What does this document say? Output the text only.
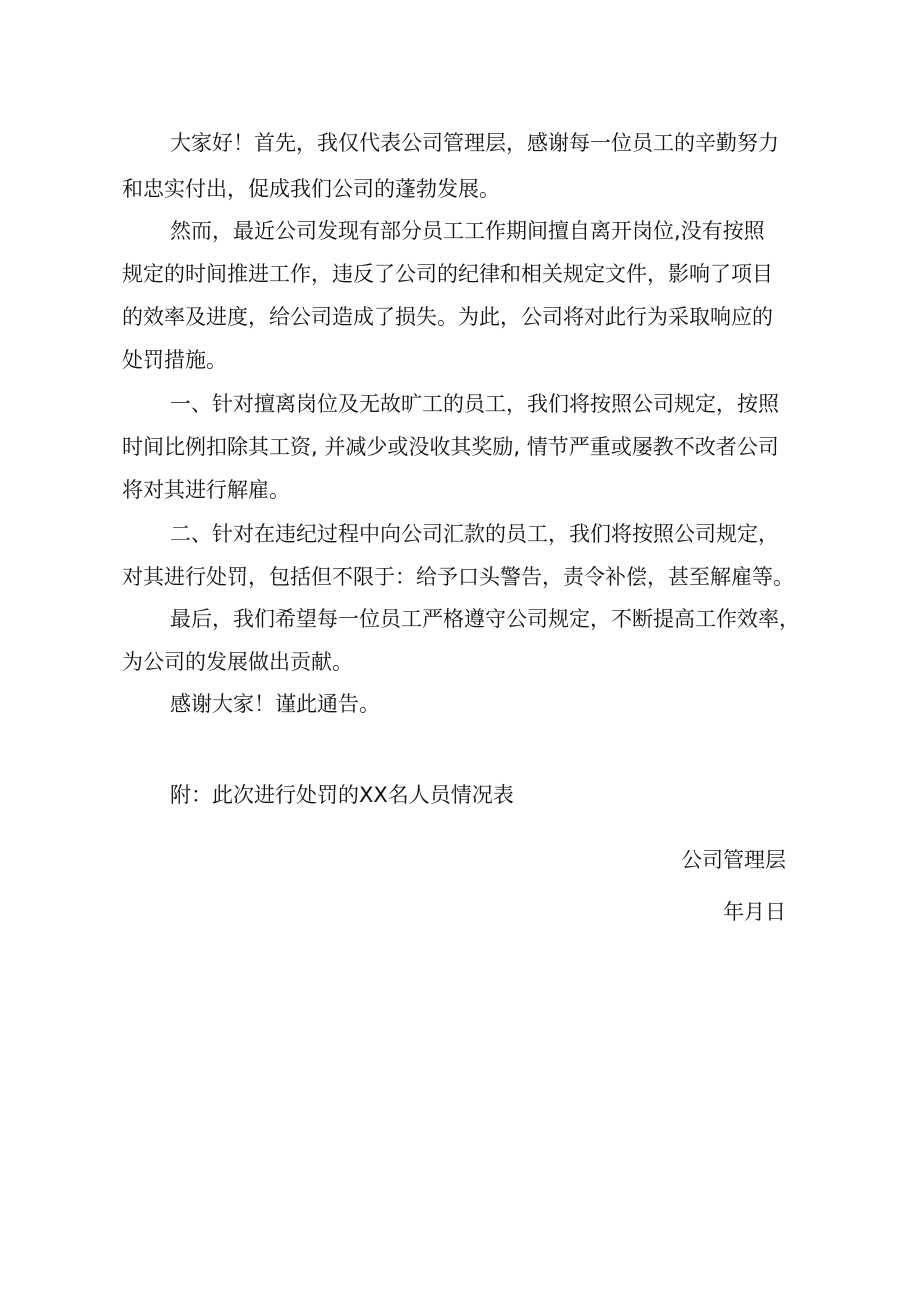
大家好！首先，我仅代表公司管理层，感谢每一位员工的辛勤努力
和忠实付出，促成我们公司的蓬勃发展。
然而，最近公司发现有部分员工工作期间擅自离开岗位,没有按照
规定的时间推进工作，违反了公司的纪律和相关规定文件，影响了项目
的效率及进度，给公司造成了损失。为此，公司将对此行为采取响应的
处罚措施。
一、针对擅离岗位及无故旷工的员工，我们将按照公司规定，按照
时间比例扣除其工资, 并减少或没收其奖励, 情节严重或屡教不改者公司
将对其进行解雇。
二、针对在违纪过程中向公司汇款的员工，我们将按照公司规定，
对其进行处罚，包括但不限于：给予口头警告，责令补偿，甚至解雇等。
最后，我们希望每一位员工严格遵守公司规定，不断提高工作效率，
为公司的发展做出贡献。
感谢大家！谨此通告。
附：此次进行处罚的XX名人员情况表
公司管理层
年月日
